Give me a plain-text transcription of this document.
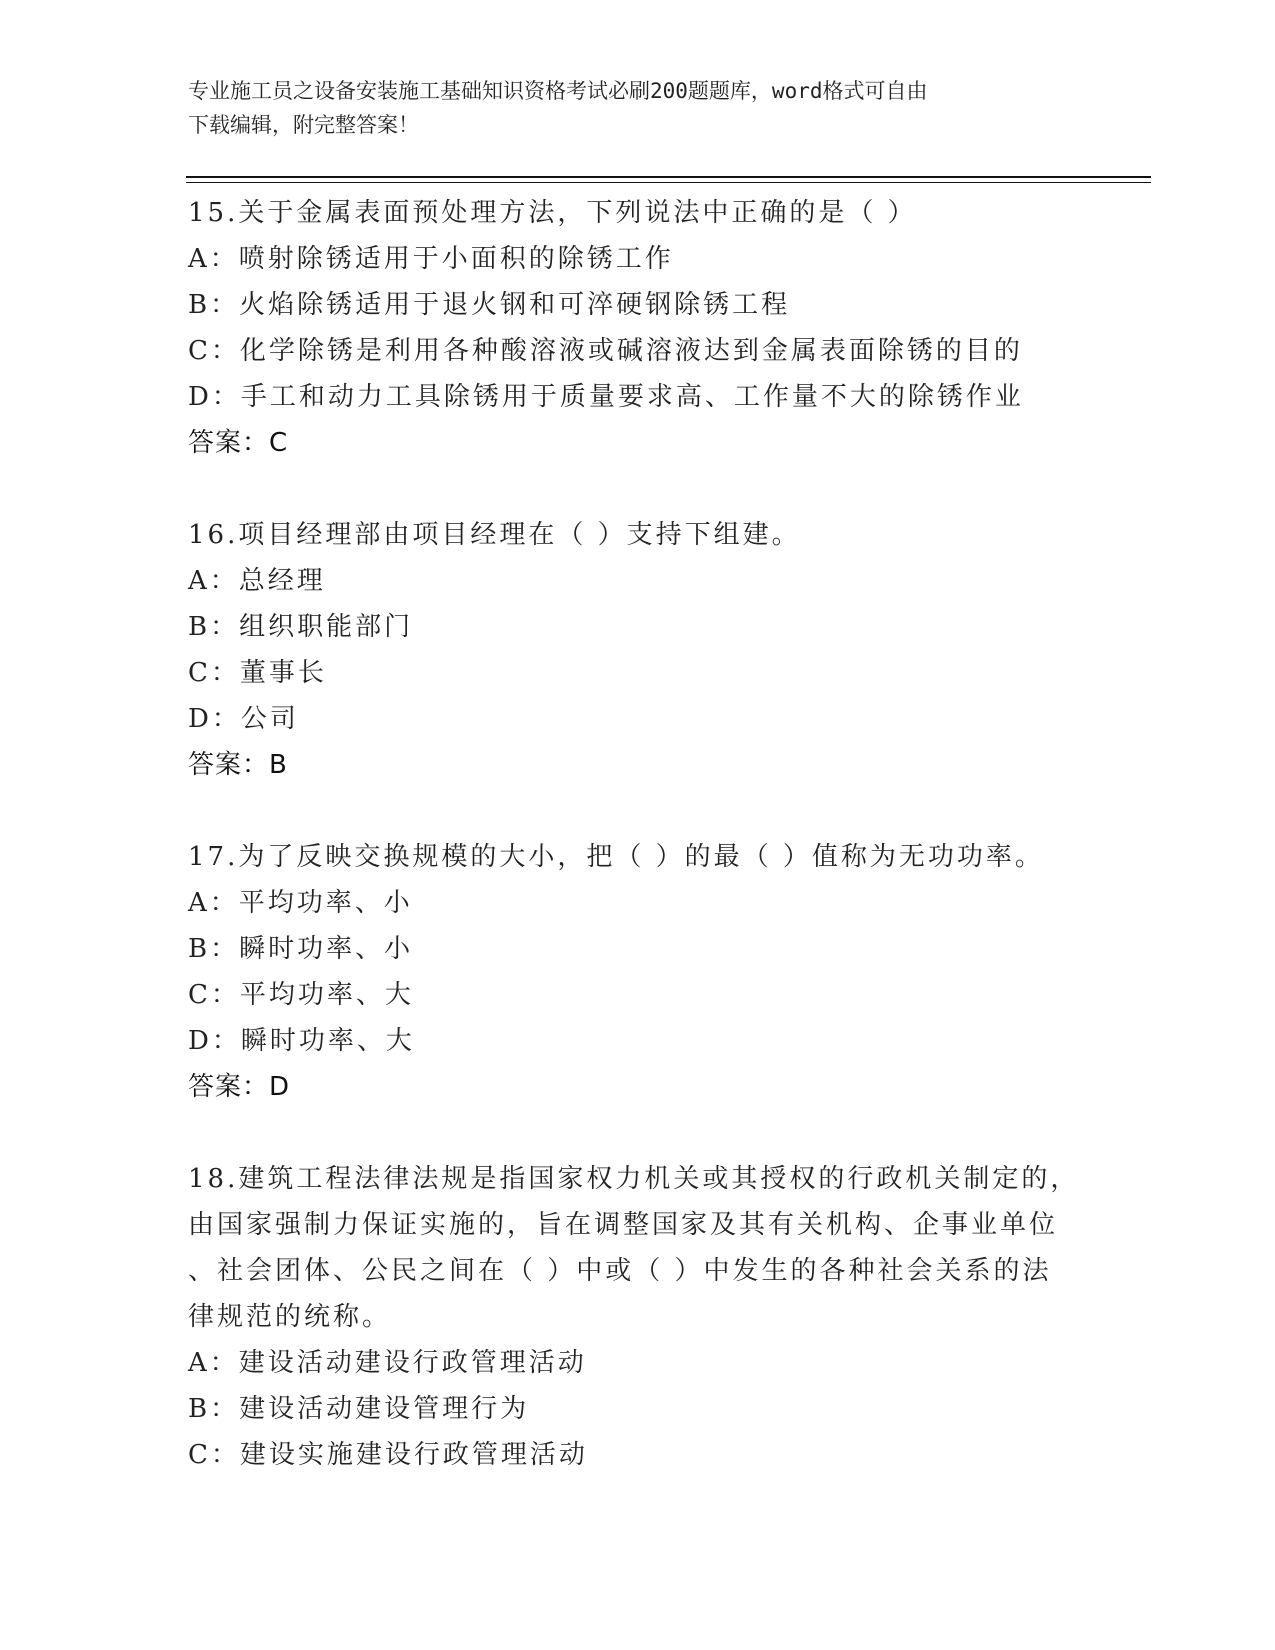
专业施工员之设备安装施工基础知识资格考试必刷200题题库，word格式可自由
下载编辑，附完整答案！
15.关于金属表面预处理方法，下列说法中正确的是（ ）
A：喷射除锈适用于小面积的除锈工作
B：火焰除锈适用于退火钢和可淬硬钢除锈工程
C：化学除锈是利用各种酸溶液或碱溶液达到金属表面除锈的目的
D：手工和动力工具除锈用于质量要求高、工作量不大的除锈作业
答案：C
16.项目经理部由项目经理在（ ）支持下组建。
A：总经理
B：组织职能部门
C：董事长
D：公司
答案：B
17.为了反映交换规模的大小，把（ ）的最（ ）值称为无功功率。
A：平均功率、小
B：瞬时功率、小
C：平均功率、大
D：瞬时功率、大
答案：D
18.建筑工程法律法规是指国家权力机关或其授权的行政机关制定的，
由国家强制力保证实施的，旨在调整国家及其有关机构、企事业单位
、社会团体、公民之间在（ ）中或（ ）中发生的各种社会关系的法
律规范的统称。
A：建设活动建设行政管理活动
B：建设活动建设管理行为
C：建设实施建设行政管理活动
